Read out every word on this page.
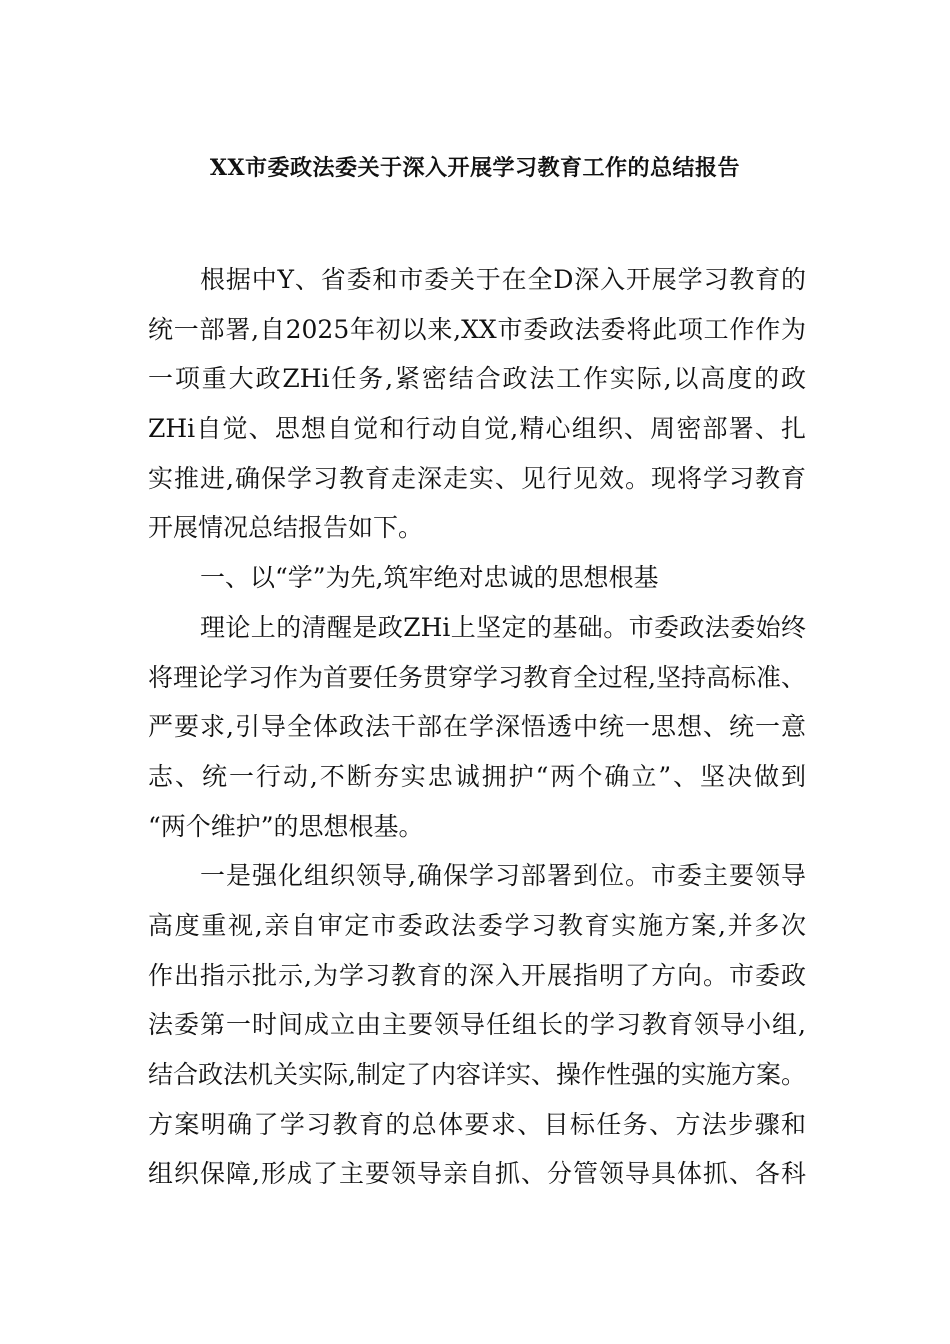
XX市委政法委关于深入开展学习教育工作的总结报告
根据中Y、省委和市委关于在全D深入开展学习教育的
统一部署,自2025年初以来,XX市委政法委将此项工作作为
一项重大政ZHi任务,紧密结合政法工作实际,以高度的政
ZHi自觉、思想自觉和行动自觉,精心组织、周密部署、扎
实推进,确保学习教育走深走实、见行见效。现将学习教育
开展情况总结报告如下。
一、以“学”为先,筑牢绝对忠诚的思想根基
理论上的清醒是政ZHi上坚定的基础。市委政法委始终
将理论学习作为首要任务贯穿学习教育全过程,坚持高标准、
严要求,引导全体政法干部在学深悟透中统一思想、统一意
志、统一行动,不断夯实忠诚拥护“两个确立”、坚决做到
“两个维护”的思想根基。
一是强化组织领导,确保学习部署到位。市委主要领导
高度重视,亲自审定市委政法委学习教育实施方案,并多次
作出指示批示,为学习教育的深入开展指明了方向。市委政
法委第一时间成立由主要领导任组长的学习教育领导小组,
结合政法机关实际,制定了内容详实、操作性强的实施方案。
方案明确了学习教育的总体要求、目标任务、方法步骤和
组织保障,形成了主要领导亲自抓、分管领导具体抓、各科
